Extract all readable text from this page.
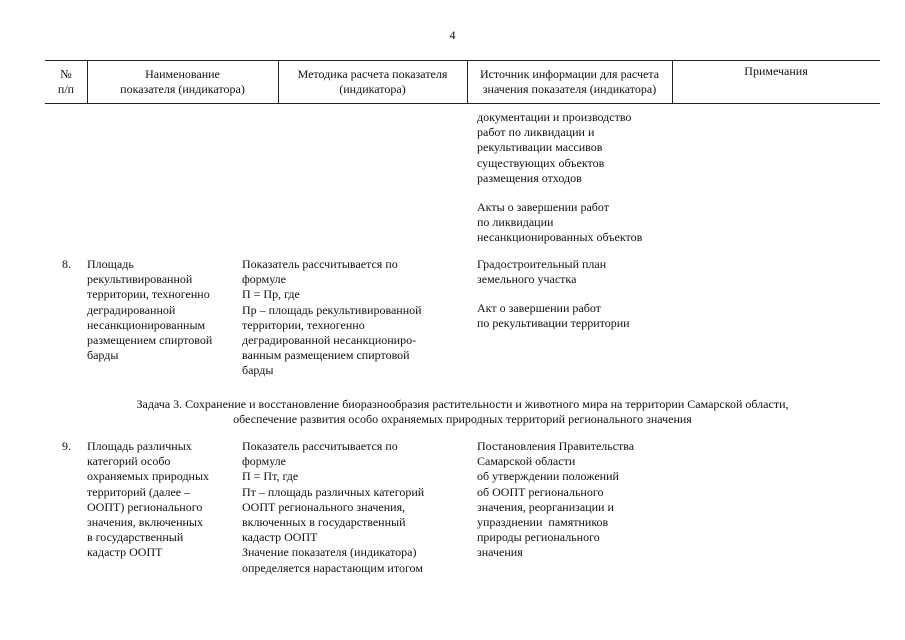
4
№
п/п
Наименование
показателя (индикатора)
Методика расчета показателя
(индикатора)
Источник информации для расчета
значения показателя (индикатора)
Примечания
документации и производство
работ по ликвидации и
рекультивации массивов
существующих объектов
размещения отходов
Акты о завершении работ
по ликвидации
несанкционированных объектов
8. Площадь
рекультивированной
территории, техногенно
деградированной
несанкционированным
размещением спиртовой
барды
Показатель рассчитывается по
формуле
П = Пр, где
Пр – площадь рекультивированной
территории, техногенно
деградированной несанкциониро-
ванным размещением спиртовой
барды
Градостроительный план
земельного участка
Акт о завершении работ
по рекультивации территории
Задача 3. Сохранение и восстановление биоразнообразия растительности и животного мира на территории Самарской области,
обеспечение развития особо охраняемых природных территорий регионального значения
9. Площадь различных
категорий особо
охраняемых природных
территорий (далее –
ООПТ) регионального
значения, включенных
в государственный
кадастр ООПТ
Показатель рассчитывается по
формуле
П = Пт, где
Пт – площадь различных категорий
ООПТ регионального значения,
включенных в государственный
кадастр ООПТ
Значение показателя (индикатора)
определяется нарастающим итогом
Постановления Правительства
Самарской области
об утверждении положений
об ООПТ регионального
значения, реорганизации и
упразднении  памятников
природы регионального
значения
